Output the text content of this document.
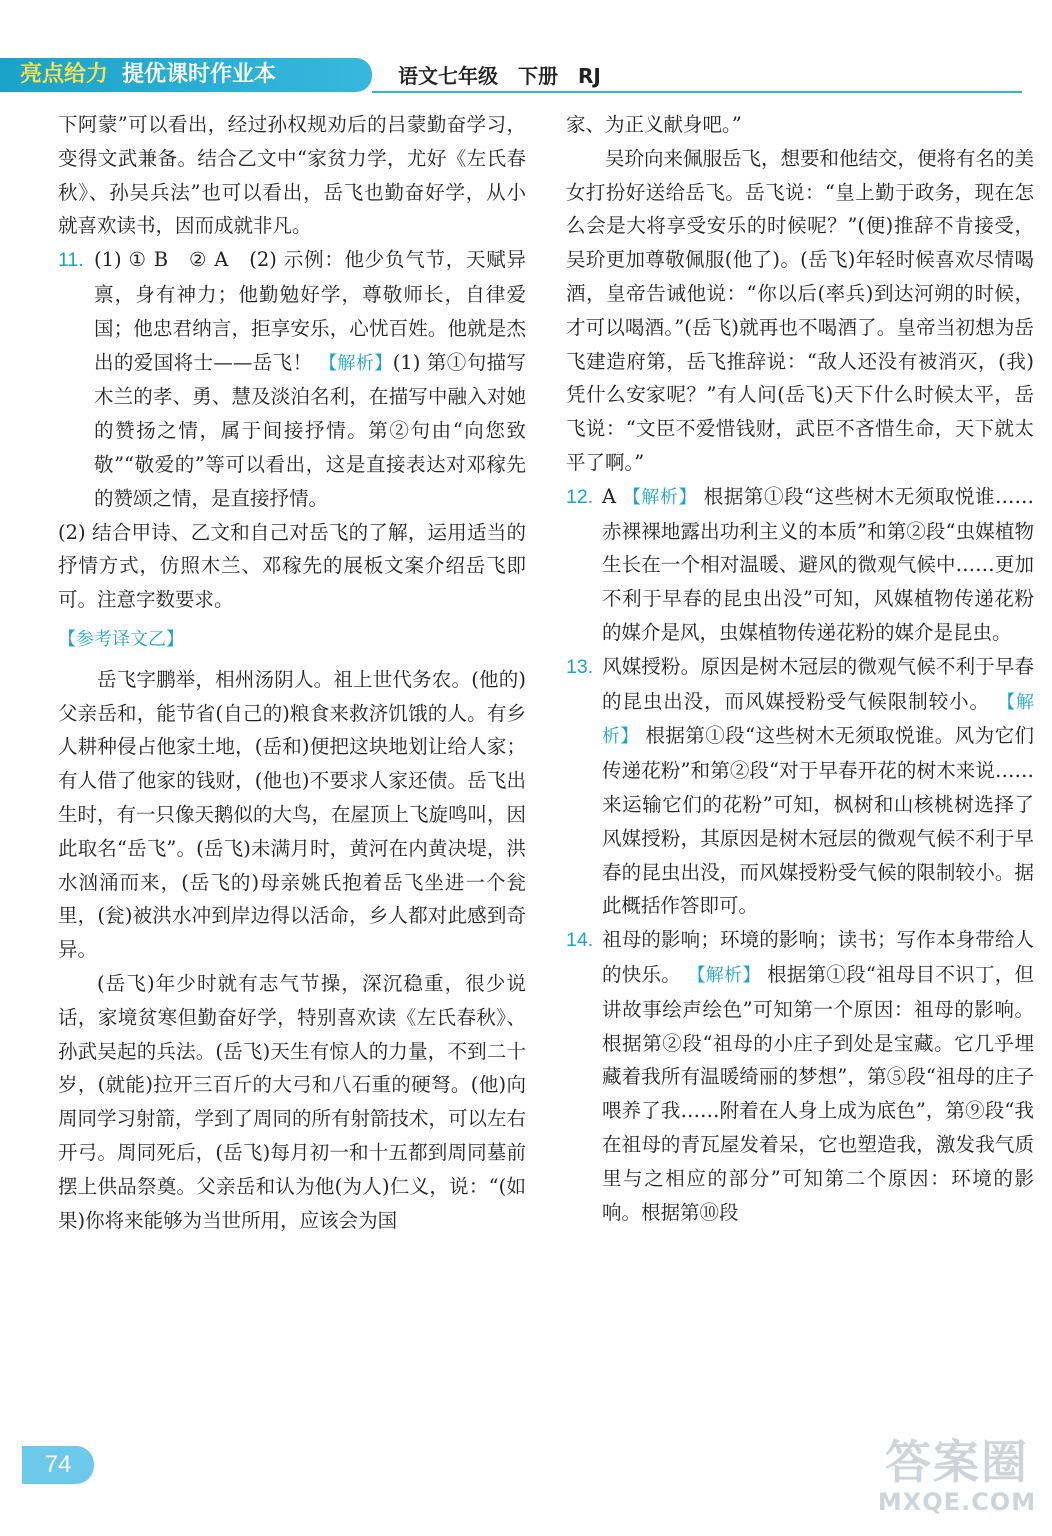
亮点给力 提优课时作业本	语文七年级　下册　RJ

下阿蒙”可以看出，经过孙权规劝后的吕蒙勤奋学习，变得文武兼备。结合乙文中“家贫力学，尤好《左氏春秋》、孙吴兵法”也可以看出，岳飞也勤奋好学，从小就喜欢读书，因而成就非凡。

11. (1) ① B　② A　(2) 示例：他少负气节，天赋异禀，身有神力；他勤勉好学，尊敬师长，自律爱国；他忠君纳言，拒享安乐，心忧百姓。他就是杰出的爱国将士——岳飞！ 【解析】(1) 第①句描写木兰的孝、勇、慧及淡泊名利，在描写中融入对她的赞扬之情，属于间接抒情。第②句由“向您致敬”“敬爱的”等可以看出，这是直接表达对邓稼先的赞颂之情，是直接抒情。

(2) 结合甲诗、乙文和自己对岳飞的了解，运用适当的抒情方式，仿照木兰、邓稼先的展板文案介绍岳飞即可。注意字数要求。

【参考译文乙】

岳飞字鹏举，相州汤阴人。祖上世代务农。(他的)父亲岳和，能节省(自己的)粮食来救济饥饿的人。有乡人耕种侵占他家土地，(岳和)便把这块地划让给人家；有人借了他家的钱财，(他也)不要求人家还债。岳飞出生时，有一只像天鹅似的大鸟，在屋顶上飞旋鸣叫，因此取名“岳飞”。(岳飞)未满月时，黄河在内黄决堤，洪水汹涌而来，(岳飞的)母亲姚氏抱着岳飞坐进一个瓮里，(瓮)被洪水冲到岸边得以活命，乡人都对此感到奇异。

(岳飞)年少时就有志气节操，深沉稳重，很少说话，家境贫寒但勤奋好学，特别喜欢读《左氏春秋》、孙武吴起的兵法。(岳飞)天生有惊人的力量，不到二十岁，(就能)拉开三百斤的大弓和八石重的硬弩。(他)向周同学习射箭，学到了周同的所有射箭技术，可以左右开弓。周同死后，(岳飞)每月初一和十五都到周同墓前摆上供品祭奠。父亲岳和认为他(为人)仁义，说：“(如果)你将来能够为当世所用，应该会为国

家、为正义献身吧。”

吴玠向来佩服岳飞，想要和他结交，便将有名的美女打扮好送给岳飞。岳飞说：“皇上勤于政务，现在怎么会是大将享受安乐的时候呢？”(便)推辞不肯接受，吴玠更加尊敬佩服(他了)。(岳飞)年轻时候喜欢尽情喝酒，皇帝告诫他说：“你以后(率兵)到达河朔的时候，才可以喝酒。”(岳飞)就再也不喝酒了。皇帝当初想为岳飞建造府第，岳飞推辞说：“敌人还没有被消灭，(我)凭什么安家呢？”有人问(岳飞)天下什么时候太平，岳飞说：“文臣不爱惜钱财，武臣不吝惜生命，天下就太平了啊。”

12. A 【解析】 根据第①段“这些树木无须取悦谁……赤裸裸地露出功利主义的本质”和第②段“虫媒植物生长在一个相对温暖、避风的微观气候中……更加不利于早春的昆虫出没”可知，风媒植物传递花粉的媒介是风，虫媒植物传递花粉的媒介是昆虫。

13. 风媒授粉。原因是树木冠层的微观气候不利于早春的昆虫出没，而风媒授粉受气候限制较小。 【解析】 根据第①段“这些树木无须取悦谁。风为它们传递花粉”和第②段“对于早春开花的树木来说……来运输它们的花粉”可知，枫树和山核桃树选择了风媒授粉，其原因是树木冠层的微观气候不利于早春的昆虫出没，而风媒授粉受气候的限制较小。据此概括作答即可。

14. 祖母的影响；环境的影响；读书；写作本身带给人的快乐。 【解析】 根据第①段“祖母目不识丁，但讲故事绘声绘色”可知第一个原因：祖母的影响。根据第②段“祖母的小庄子到处是宝藏。它几乎埋藏着我所有温暖绮丽的梦想”，第⑤段“祖母的庄子喂养了我……附着在人身上成为底色”，第⑨段“我在祖母的青瓦屋发着呆，它也塑造我，激发我气质里与之相应的部分”可知第二个原因：环境的影响。根据第⑩段

74	答案圈
MXQE.COM
